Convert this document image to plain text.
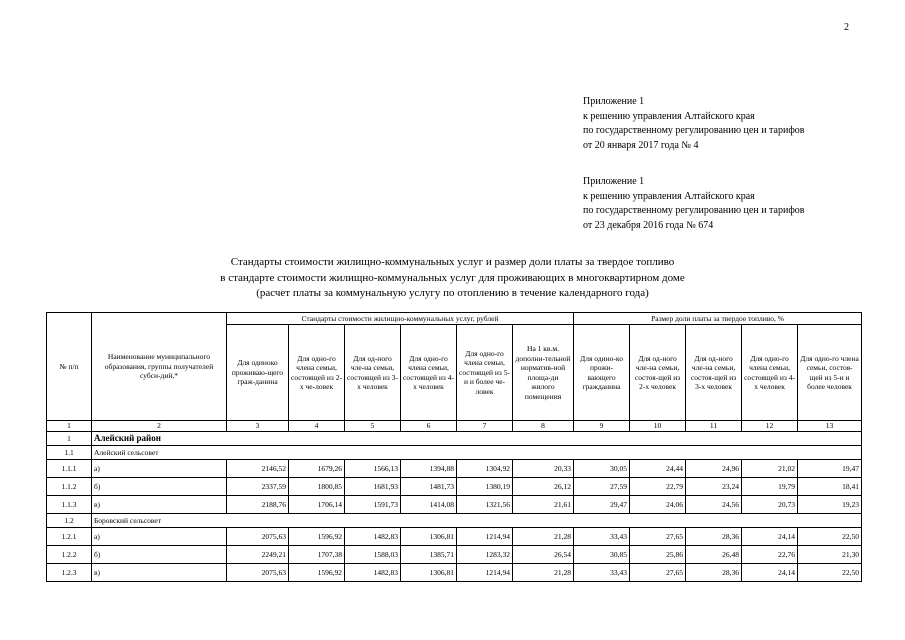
2
Приложение 1
к решению управления Алтайского края
по государственному регулированию цен и тарифов
от 20 января 2017 года № 4
Приложение 1
к решению управления Алтайского края
по государственному регулированию цен и тарифов
от 23 декабря 2016 года № 674
Стандарты стоимости жилищно-коммунальных услуг и размер доли платы за твердое топливо
в стандарте стоимости жилищно-коммунальных услуг для проживающих в многоквартирном доме
(расчет платы за коммунальную услугу по отоплению в течение календарного года)
№ п/п	Наименование муниципального образования, группы получателей субси-дий,*	Стандарты стоимости жилищно-коммунальных услуг, рублей						Размер доли платы за твердое топливо, %				
		Для одиноко проживаю-щего граж-данина	Для одно-го члена семьи, состоящей из 2-х че-ловек	Для од-ного чле-на семьи, состоящей из 3-х человек	Для одно-го члена семьи, состоящей из 4-х человек	Для одно-го члена семьи, состоящей из 5-и и более че-ловек	На 1 кв.м. дополни-тельной норматив-ной площа-ди жилого помещения	Для одино-ко прожи-вающего гражданина	Для од-ного чле-на семьи, состоя-щей из 2-х человек	Для од-ного чле-на семьи, состоя-щей из 3-х человек	Для одно-го члена семьи, состоящей из 4-х человек	Для одно-го члена семьи, состоя-щей из 5-и и более человек
1	2	3	4	5	6	7	8	9	10	11	12	13
1	Алейский район											
1.1	Алейский сельсовет											
1.1.1	а)	2146,52	1679,26	1566,13	1394,88	1304,92	20,33	30,05	24,44	24,96	21,02	19,47
1.1.2	б)	2337,59	1800,85	1681,93	1481,73	1380,19	26,12	27,59	22,79	23,24	19,79	18,41
1.1.3	в)	2188,76	1706,14	1591,73	1414,08	1321,56	21,61	29,47	24,06	24,56	20,73	19,23
1.2	Боровский сельсовет											
1.2.1	а)	2075,63	1596,92	1482,83	1306,81	1214,94	21,28	33,43	27,65	28,36	24,14	22,50
1.2.2	б)	2249,21	1707,38	1588,03	1385,71	1283,32	26,54	30,85	25,86	26,48	22,76	21,30
1.2.3	в)	2075,63	1596,92	1482,83	1306,81	1214,94	21,28	33,43	27,65	28,36	24,14	22,50
